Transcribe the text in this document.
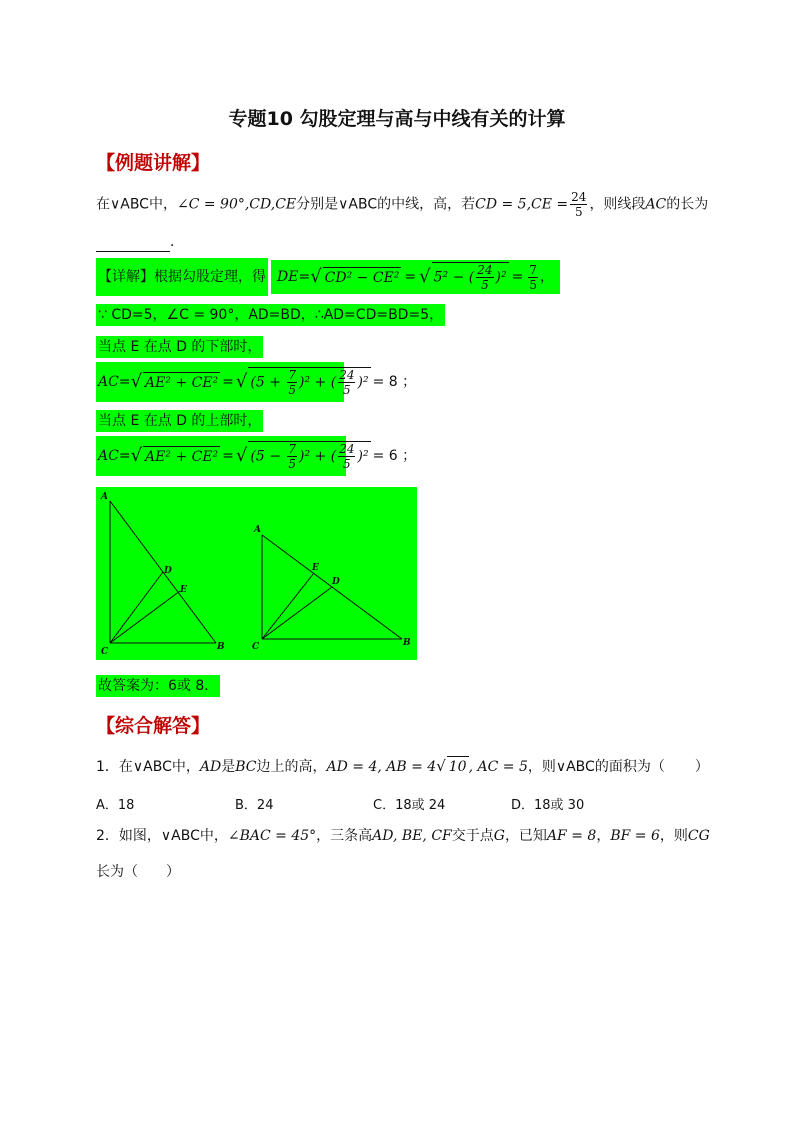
专题10 勾股定理与高与中线有关的计算
【例题讲解】
在∨ABC中，∠C = 90°,CD,CE分别是∨ABC的中线，高，若CD = $5,CE = \frac{24}{5}$ ，则线段AC的长为
．
【详解】根据勾股定理，得 DE= √ CD² − CE² = √ 5² − ( $\frac{24}{5} )^2 = \frac{7}{5}$ ，
∵ CD=5，∠C = 90°，AD=BD，∴AD=CD=BD=5，
当点 E 在点 D 的下部时，
AC= √ AE² + CE² = √ $(5 + \frac{7}{5} )^2$ + ( $\frac{24}{5} )^2 = 8$ ；
当点 E 在点 D 的上部时，
AC= √ AE² + CE² = √ $(5 - \frac{7}{5} )^2$ + ( $\frac{24}{5} )^2 = 6$ ；
A
C	B
D
E
A
C	B
D
E
故答案为：6或 8．
【综合解答】
1．在∨ABC中，AD是BC边上的高，AD = 4, AB = 4√ 10 , AC = 5，则∨ABC的面积为（ ）
A．18	B．24	C．18或 24	D．18或 30
2．如图，∨ABC中，∠BAC = 45°，三条高AD, BE, CF交于点G，已知AF = 8，BF = 6，则CG
长为（　　）
